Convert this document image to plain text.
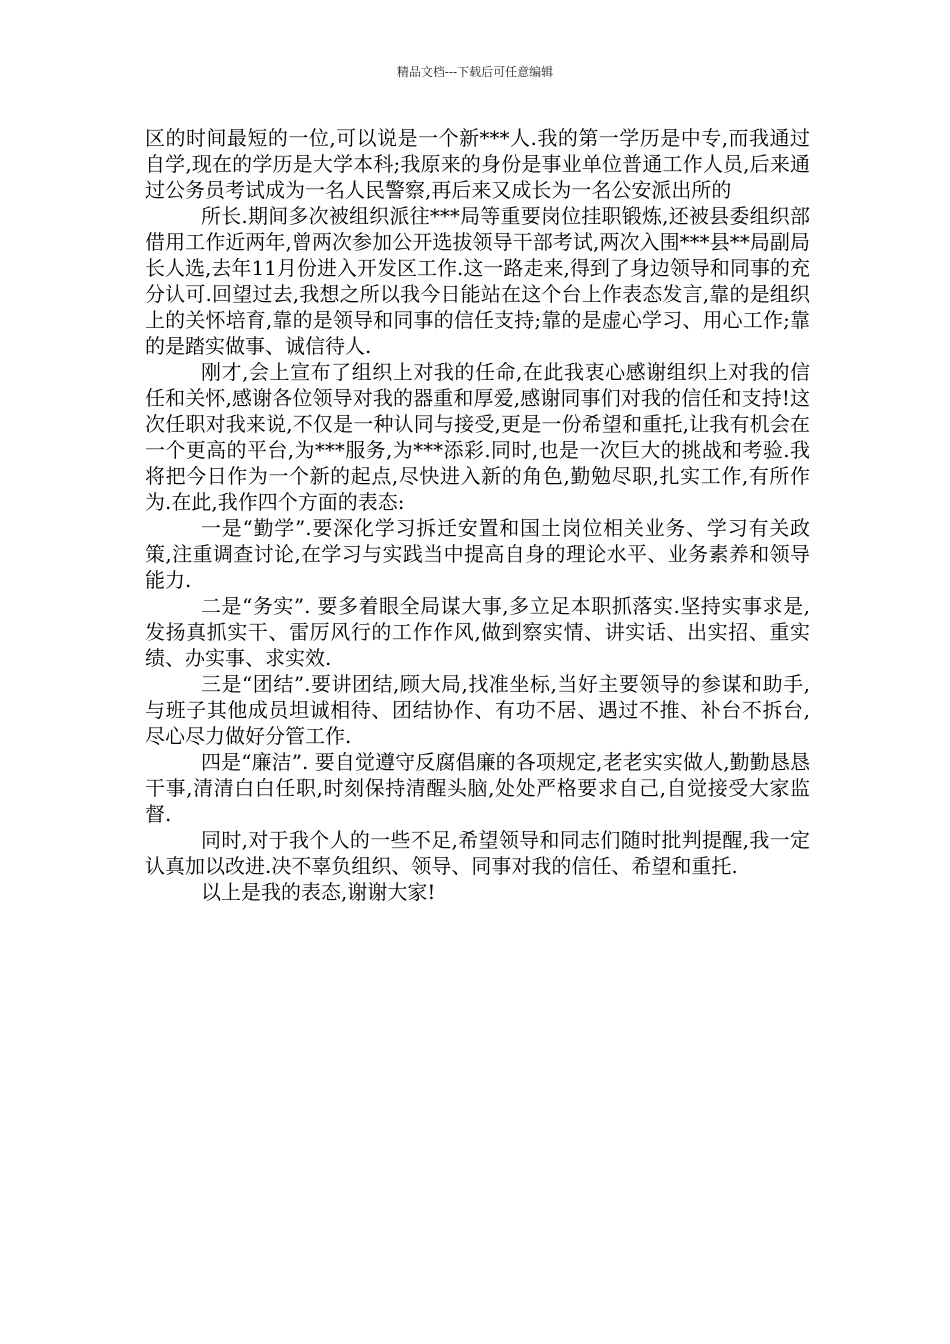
精品文档---下载后可任意编辑

区的时间最短的一位,可以说是一个新***人.我的第一学历是中专,而我通过自学,现在的学历是大学本科;我原来的身份是事业单位普通工作人员,后来通过公务员考试成为一名人民警察,再后来又成长为一名公安派出所的

所长.期间多次被组织派往***局等重要岗位挂职锻炼,还被县委组织部借用工作近两年,曾两次参加公开选拔领导干部考试,两次入围***县**局副局长人选,去年11月份进入开发区工作.这一路走来,得到了身边领导和同事的充分认可.回望过去,我想之所以我今日能站在这个台上作表态发言,靠的是组织上的关怀培育,靠的是领导和同事的信任支持;靠的是虚心学习、用心工作;靠的是踏实做事、诚信待人.

刚才,会上宣布了组织上对我的任命,在此我衷心感谢组织上对我的信任和关怀,感谢各位领导对我的器重和厚爱,感谢同事们对我的信任和支持!这次任职对我来说,不仅是一种认同与接受,更是一份希望和重托,让我有机会在一个更高的平台,为***服务,为***添彩.同时,也是一次巨大的挑战和考验.我将把今日作为一个新的起点,尽快进入新的角色,勤勉尽职,扎实工作,有所作为.在此,我作四个方面的表态:

一是“勤学”.要深化学习拆迁安置和国土岗位相关业务、学习有关政策,注重调查讨论,在学习与实践当中提高自身的理论水平、业务素养和领导能力.

二是“务实”. 要多着眼全局谋大事,多立足本职抓落实.坚持实事求是,发扬真抓实干、雷厉风行的工作作风,做到察实情、讲实话、出实招、重实绩、办实事、求实效.

三是“团结”.要讲团结,顾大局,找准坐标,当好主要领导的参谋和助手,与班子其他成员坦诚相待、团结协作、有功不居、遇过不推、补台不拆台,尽心尽力做好分管工作.

四是“廉洁”. 要自觉遵守反腐倡廉的各项规定,老老实实做人,勤勤恳恳干事,清清白白任职,时刻保持清醒头脑,处处严格要求自己,自觉接受大家监督.

同时,对于我个人的一些不足,希望领导和同志们随时批判提醒,我一定认真加以改进.决不辜负组织、领导、同事对我的信任、希望和重托.

以上是我的表态,谢谢大家!
